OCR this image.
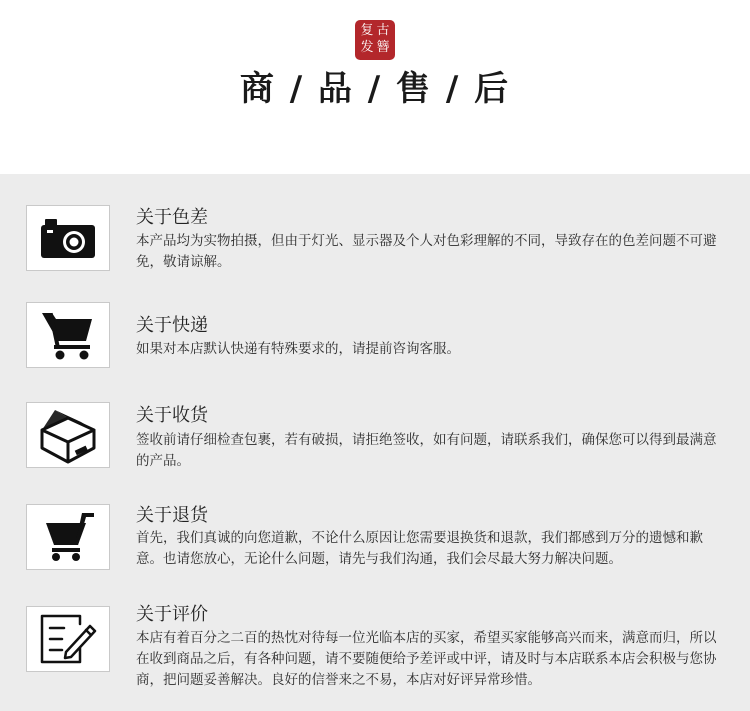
古
复
簪
发
商 / 品 / 售 / 后
关于色差
本产品均为实物拍摄，但由于灯光、显示器及个人对色彩理解的不同，导致存在的色差问题不可避免，敬请谅解。
关于快递
如果对本店默认快递有特殊要求的，请提前咨询客服。
关于收货
签收前请仔细检查包裹，若有破损，请拒绝签收，如有问题，请联系我们，确保您可以得到最满意的产品。
关于退货
首先，我们真诚的向您道歉，不论什么原因让您需要退换货和退款，我们都感到万分的遗憾和歉意。也请您放心，无论什么问题，请先与我们沟通，我们会尽最大努力解决问题。
关于评价
本店有着百分之二百的热忱对待每一位光临本店的买家，希望买家能够高兴而来，满意而归，所以在收到商品之后，有各种问题，请不要随便给予差评或中评，请及时与本店联系本店会积极与您协商，把问题妥善解决。良好的信誉来之不易，本店对好评异常珍惜。
